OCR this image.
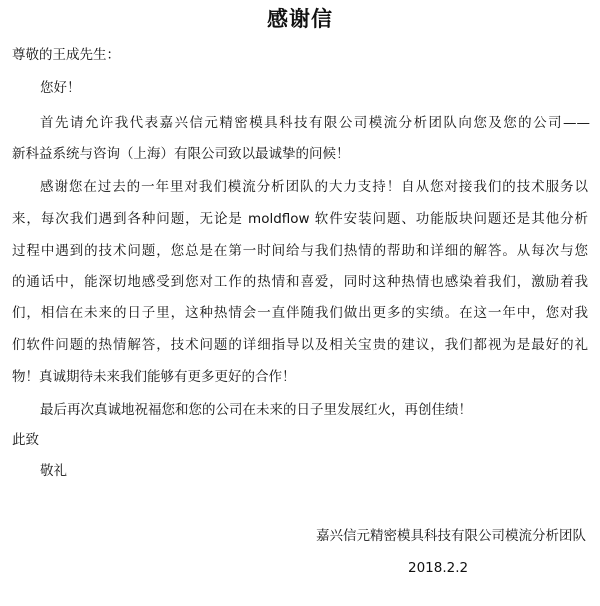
感谢信
尊敬的王成先生：
您好！
首先请允许我代表嘉兴信元精密模具科技有限公司模流分析团队向您及您的公司——
新科益系统与咨询（上海）有限公司致以最诚挚的问候！
感谢您在过去的一年里对我们模流分析团队的大力支持！自从您对接我们的技术服务以
来，每次我们遇到各种问题，无论是 moldflow 软件安装问题、功能版块问题还是其他分析
过程中遇到的技术问题，您总是在第一时间给与我们热情的帮助和详细的解答。从每次与您
的通话中，能深切地感受到您对工作的热情和喜爱，同时这种热情也感染着我们，激励着我
们，相信在未来的日子里，这种热情会一直伴随我们做出更多的实绩。在这一年中，您对我
们软件问题的热情解答，技术问题的详细指导以及相关宝贵的建议，我们都视为是最好的礼
物！真诚期待未来我们能够有更多更好的合作！
最后再次真诚地祝福您和您的公司在未来的日子里发展红火，再创佳绩！
此致
敬礼
嘉兴信元精密模具科技有限公司模流分析团队
2018.2.2
